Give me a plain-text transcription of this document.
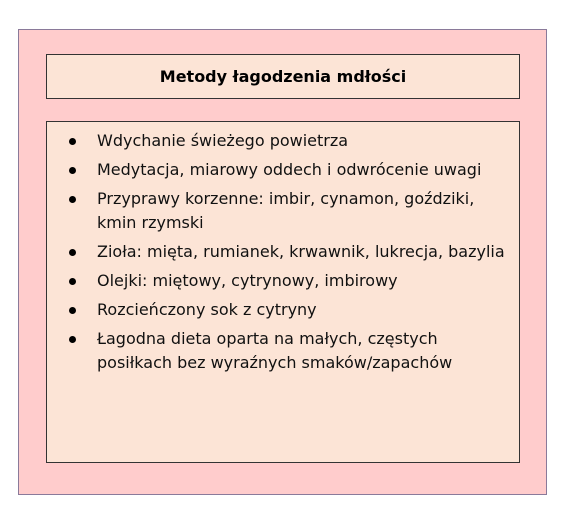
Metody łagodzenia mdłości
Wdychanie świeżego powietrza
Medytacja, miarowy oddech i odwrócenie uwagi
Przyprawy korzenne: imbir, cynamon, goździki, kmin rzymski
Zioła: mięta, rumianek, krwawnik, lukrecja, bazylia
Olejki: miętowy, cytrynowy, imbirowy
Rozcieńczony sok z cytryny
Łagodna dieta oparta na małych, częstych posiłkach bez wyraźnych smaków/zapachów
